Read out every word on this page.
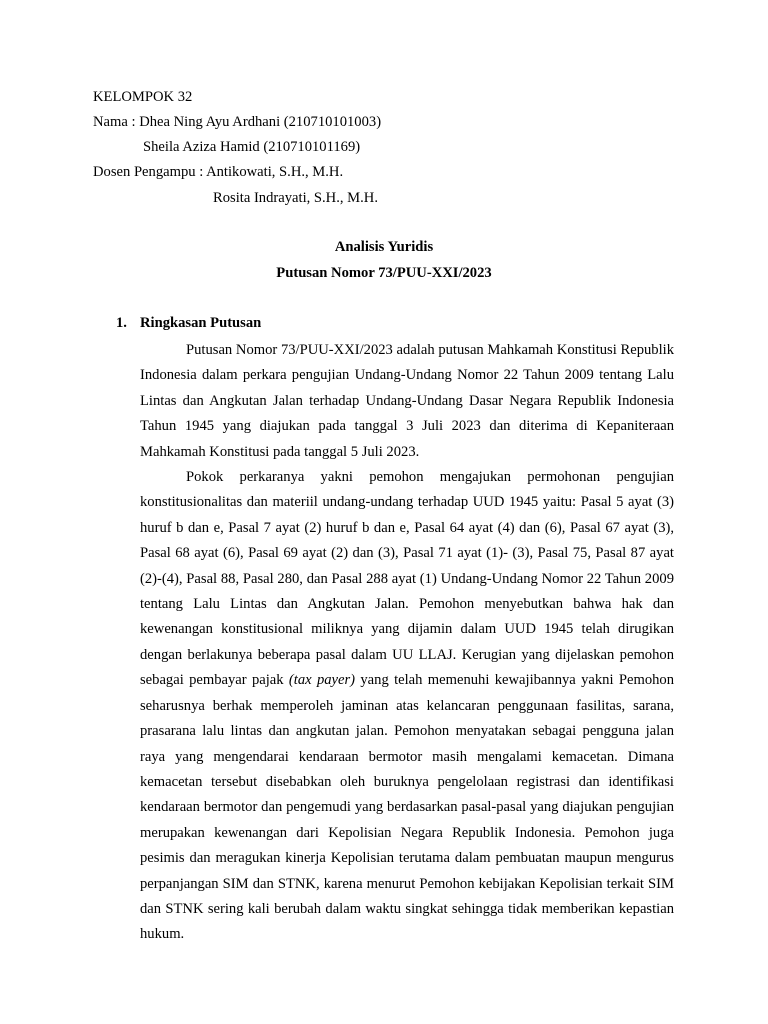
KELOMPOK 32
Nama : Dhea Ning Ayu Ardhani (210710101003)
Sheila Aziza Hamid (210710101169)
Dosen Pengampu : Antikowati, S.H., M.H.
Rosita Indrayati, S.H., M.H.
Analisis Yuridis
Putusan Nomor 73/PUU-XXI/2023
1. Ringkasan Putusan

Putusan Nomor 73/PUU-XXI/2023 adalah putusan Mahkamah Konstitusi Republik Indonesia dalam perkara pengujian Undang-Undang Nomor 22 Tahun 2009 tentang Lalu Lintas dan Angkutan Jalan terhadap Undang-Undang Dasar Negara Republik Indonesia Tahun 1945 yang diajukan pada tanggal 3 Juli 2023 dan diterima di Kepaniteraan Mahkamah Konstitusi pada tanggal 5 Juli 2023.

Pokok perkaranya yakni pemohon mengajukan permohonan pengujian konstitusionalitas dan materiil undang-undang terhadap UUD 1945 yaitu: Pasal 5 ayat (3) huruf b dan e, Pasal 7 ayat (2) huruf b dan e, Pasal 64 ayat (4) dan (6), Pasal 67 ayat (3), Pasal 68 ayat (6), Pasal 69 ayat (2) dan (3), Pasal 71 ayat (1)- (3), Pasal 75, Pasal 87 ayat (2)-(4), Pasal 88, Pasal 280, dan Pasal 288 ayat (1) Undang-Undang Nomor 22 Tahun 2009 tentang Lalu Lintas dan Angkutan Jalan. Pemohon menyebutkan bahwa hak dan kewenangan konstitusional miliknya yang dijamin dalam UUD 1945 telah dirugikan dengan berlakunya beberapa pasal dalam UU LLAJ. Kerugian yang dijelaskan pemohon sebagai pembayar pajak (tax payer) yang telah memenuhi kewajibannya yakni Pemohon seharusnya berhak memperoleh jaminan atas kelancaran penggunaan fasilitas, sarana, prasarana lalu lintas dan angkutan jalan. Pemohon menyatakan sebagai pengguna jalan raya yang mengendarai kendaraan bermotor masih mengalami kemacetan. Dimana kemacetan tersebut disebabkan oleh buruknya pengelolaan registrasi dan identifikasi kendaraan bermotor dan pengemudi yang berdasarkan pasal-pasal yang diajukan pengujian merupakan kewenangan dari Kepolisian Negara Republik Indonesia. Pemohon juga pesimis dan meragukan kinerja Kepolisian terutama dalam pembuatan maupun mengurus perpanjangan SIM dan STNK, karena menurut Pemohon kebijakan Kepolisian terkait SIM dan STNK sering kali berubah dalam waktu singkat sehingga tidak memberikan kepastian hukum.
